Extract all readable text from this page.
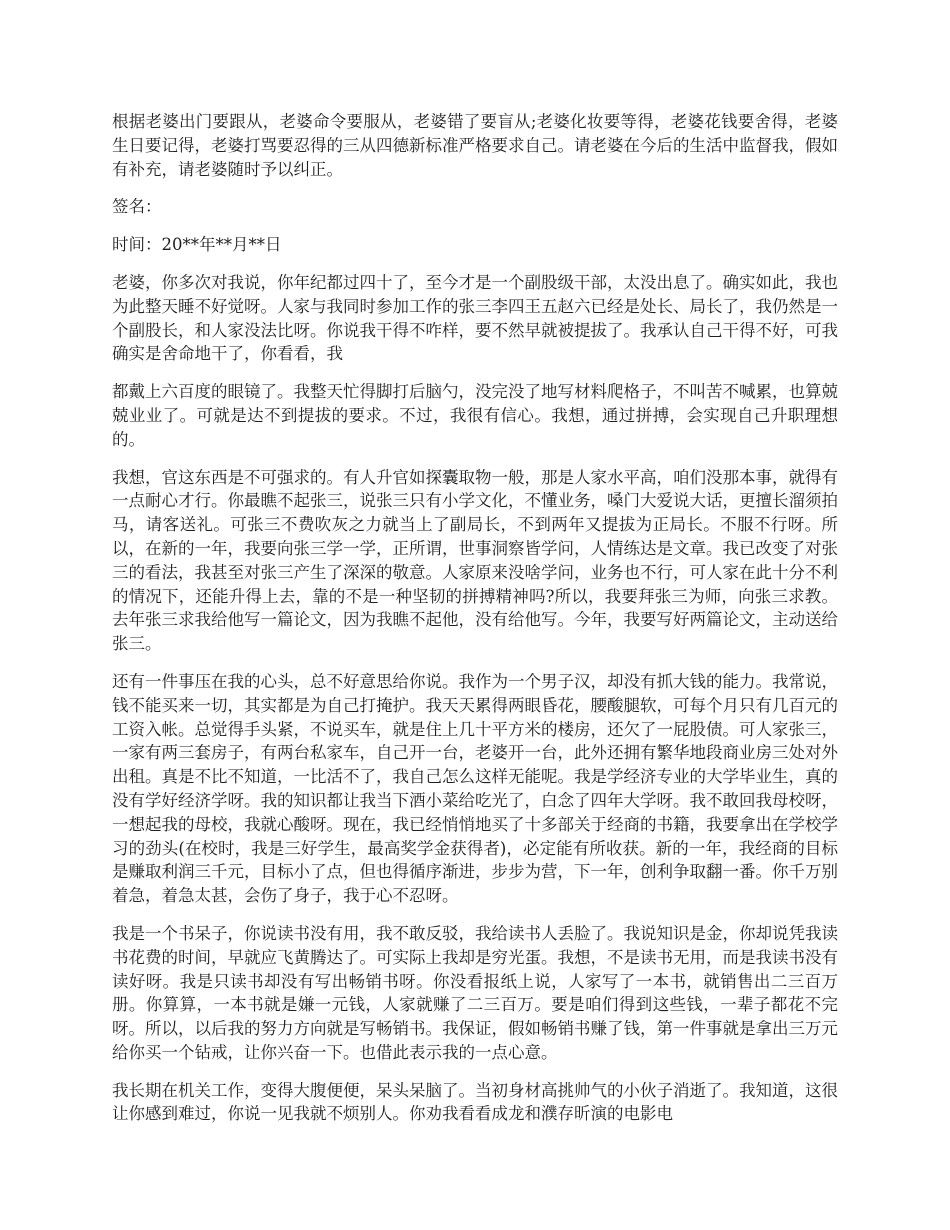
根据老婆出门要跟从，老婆命令要服从，老婆错了要盲从;老婆化妆要等得，老婆花钱要舍得，老婆生日要记得，老婆打骂要忍得的三从四德新标准严格要求自己。请老婆在今后的生活中监督我，假如有补充，请老婆随时予以纠正。

签名：

时间：20**年**月**日

老婆，你多次对我说，你年纪都过四十了，至今才是一个副股级干部，太没出息了。确实如此，我也为此整天睡不好觉呀。人家与我同时参加工作的张三李四王五赵六已经是处长、局长了，我仍然是一个副股长，和人家没法比呀。你说我干得不咋样，要不然早就被提拔了。我承认自己干得不好，可我确实是舍命地干了，你看看，我

都戴上六百度的眼镜了。我整天忙得脚打后脑勺，没完没了地写材料爬格子，不叫苦不喊累，也算兢兢业业了。可就是达不到提拔的要求。不过，我很有信心。我想，通过拼搏，会实现自己升职理想的。

我想，官这东西是不可强求的。有人升官如探囊取物一般，那是人家水平高，咱们没那本事，就得有一点耐心才行。你最瞧不起张三，说张三只有小学文化，不懂业务，嗓门大爱说大话，更擅长溜须拍马，请客送礼。可张三不费吹灰之力就当上了副局长，不到两年又提拔为正局长。不服不行呀。所以，在新的一年，我要向张三学一学，正所谓，世事洞察皆学问，人情练达是文章。我已改变了对张三的看法，我甚至对张三产生了深深的敬意。人家原来没啥学问，业务也不行，可人家在此十分不利的情况下，还能升得上去，靠的不是一种坚韧的拼搏精神吗?所以，我要拜张三为师，向张三求教。去年张三求我给他写一篇论文，因为我瞧不起他，没有给他写。今年，我要写好两篇论文，主动送给张三。

还有一件事压在我的心头，总不好意思给你说。我作为一个男子汉，却没有抓大钱的能力。我常说，钱不能买来一切，其实都是为自己打掩护。我天天累得两眼昏花，腰酸腿软，可每个月只有几百元的工资入帐。总觉得手头紧，不说买车，就是住上几十平方米的楼房，还欠了一屁股债。可人家张三，一家有两三套房子，有两台私家车，自己开一台，老婆开一台，此外还拥有繁华地段商业房三处对外出租。真是不比不知道，一比活不了，我自己怎么这样无能呢。我是学经济专业的大学毕业生，真的没有学好经济学呀。我的知识都让我当下酒小菜给吃光了，白念了四年大学呀。我不敢回我母校呀，一想起我的母校，我就心酸呀。现在，我已经悄悄地买了十多部关于经商的书籍，我要拿出在学校学习的劲头(在校时，我是三好学生，最高奖学金获得者)，必定能有所收获。新的一年，我经商的目标是赚取利润三千元，目标小了点，但也得循序渐进，步步为营，下一年，创利争取翻一番。你千万别着急，着急太甚，会伤了身子，我于心不忍呀。

我是一个书呆子，你说读书没有用，我不敢反驳，我给读书人丢脸了。我说知识是金，你却说凭我读书花费的时间，早就应飞黄腾达了。可实际上我却是穷光蛋。我想，不是读书无用，而是我读书没有读好呀。我是只读书却没有写出畅销书呀。你没看报纸上说，人家写了一本书，就销售出二三百万册。你算算，一本书就是嫌一元钱，人家就赚了二三百万。要是咱们得到这些钱，一辈子都花不完呀。所以，以后我的努力方向就是写畅销书。我保证，假如畅销书赚了钱，第一件事就是拿出三万元给你买一个钻戒，让你兴奋一下。也借此表示我的一点心意。

我长期在机关工作，变得大腹便便，呆头呆脑了。当初身材高挑帅气的小伙子消逝了。我知道，这很让你感到难过，你说一见我就不烦别人。你劝我看看成龙和濮存昕演的电影电
